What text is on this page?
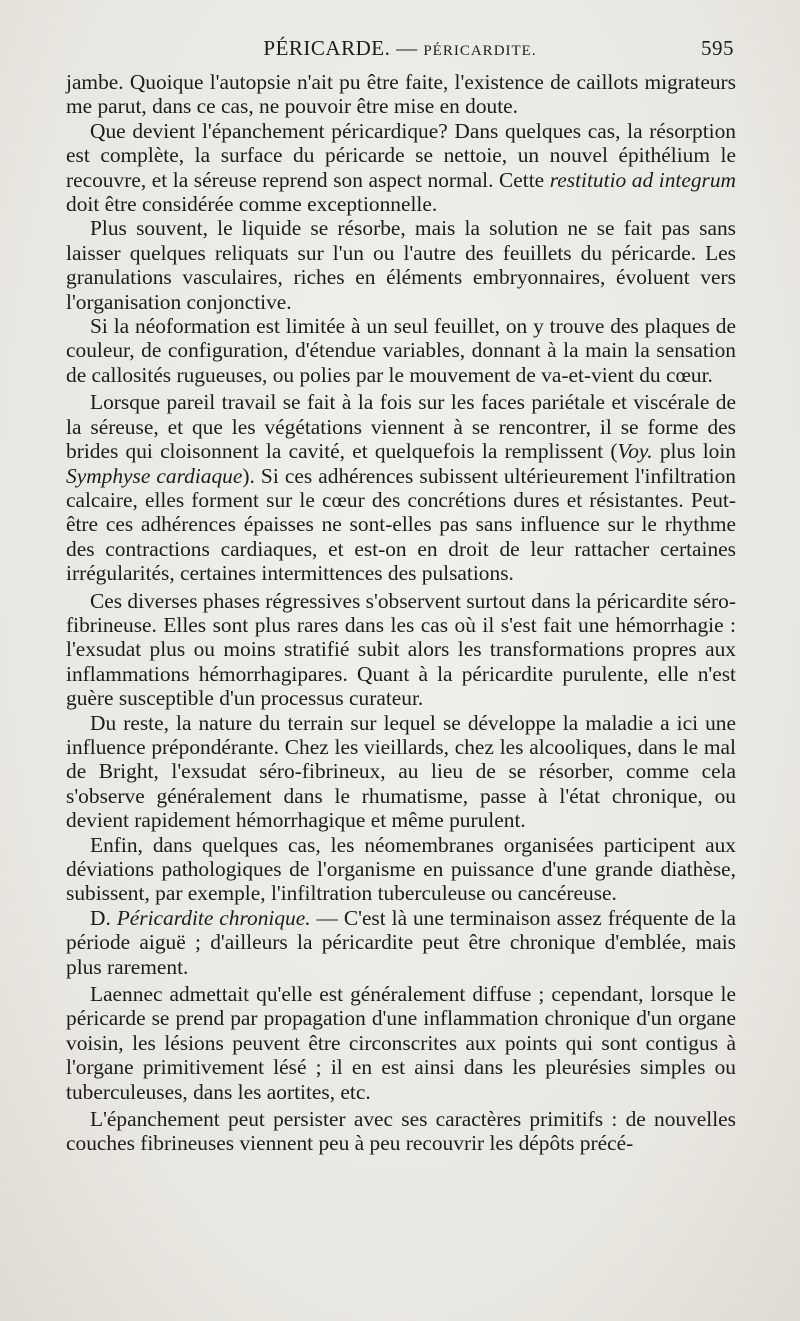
PÉRICARDE. — PÉRICARDITE.	595

jambe. Quoique l'autopsie n'ait pu être faite, l'existence de caillots migrateurs me parut, dans ce cas, ne pouvoir être mise en doute.

Que devient l'épanchement péricardique? Dans quelques cas, la résorption est complète, la surface du péricarde se nettoie, un nouvel épithélium le recouvre, et la séreuse reprend son aspect normal. Cette restitutio ad integrum doit être considérée comme exceptionnelle.

Plus souvent, le liquide se résorbe, mais la solution ne se fait pas sans laisser quelques reliquats sur l'un ou l'autre des feuillets du péricarde. Les granulations vasculaires, riches en éléments embryonnaires, évoluent vers l'organisation conjonctive.

Si la néoformation est limitée à un seul feuillet, on y trouve des plaques de couleur, de configuration, d'étendue variables, donnant à la main la sensation de callosités rugueuses, ou polies par le mouvement de va-et-vient du cœur.

Lorsque pareil travail se fait à la fois sur les faces pariétale et viscérale de la séreuse, et que les végétations viennent à se rencontrer, il se forme des brides qui cloisonnent la cavité, et quelquefois la remplissent (Voy. plus loin Symphyse cardiaque). Si ces adhérences subissent ultérieurement l'infiltration calcaire, elles forment sur le cœur des concrétions dures et résistantes. Peut-être ces adhérences épaisses ne sont-elles pas sans influence sur le rhythme des contractions cardiaques, et est-on en droit de leur rattacher certaines irrégularités, certaines intermittences des pulsations.

Ces diverses phases régressives s'observent surtout dans la péricardite séro-fibrineuse. Elles sont plus rares dans les cas où il s'est fait une hémorrhagie : l'exsudat plus ou moins stratifié subit alors les transformations propres aux inflammations hémorrhagipares. Quant à la péricardite purulente, elle n'est guère susceptible d'un processus curateur.

Du reste, la nature du terrain sur lequel se développe la maladie a ici une influence prépondérante. Chez les vieillards, chez les alcooliques, dans le mal de Bright, l'exsudat séro-fibrineux, au lieu de se résorber, comme cela s'observe généralement dans le rhumatisme, passe à l'état chronique, ou devient rapidement hémorrhagique et même purulent.

Enfin, dans quelques cas, les néomembranes organisées participent aux déviations pathologiques de l'organisme en puissance d'une grande diathèse, subissent, par exemple, l'infiltration tuberculeuse ou cancéreuse.

D. Péricardite chronique. — C'est là une terminaison assez fréquente de la période aiguë ; d'ailleurs la péricardite peut être chronique d'emblée, mais plus rarement.

Laennec admettait qu'elle est généralement diffuse ; cependant, lorsque le péricarde se prend par propagation d'une inflammation chronique d'un organe voisin, les lésions peuvent être circonscrites aux points qui sont contigus à l'organe primitivement lésé ; il en est ainsi dans les pleurésies simples ou tuberculeuses, dans les aortites, etc.

L'épanchement peut persister avec ses caractères primitifs : de nouvelles couches fibrineuses viennent peu à peu recouvrir les dépôts précé-
